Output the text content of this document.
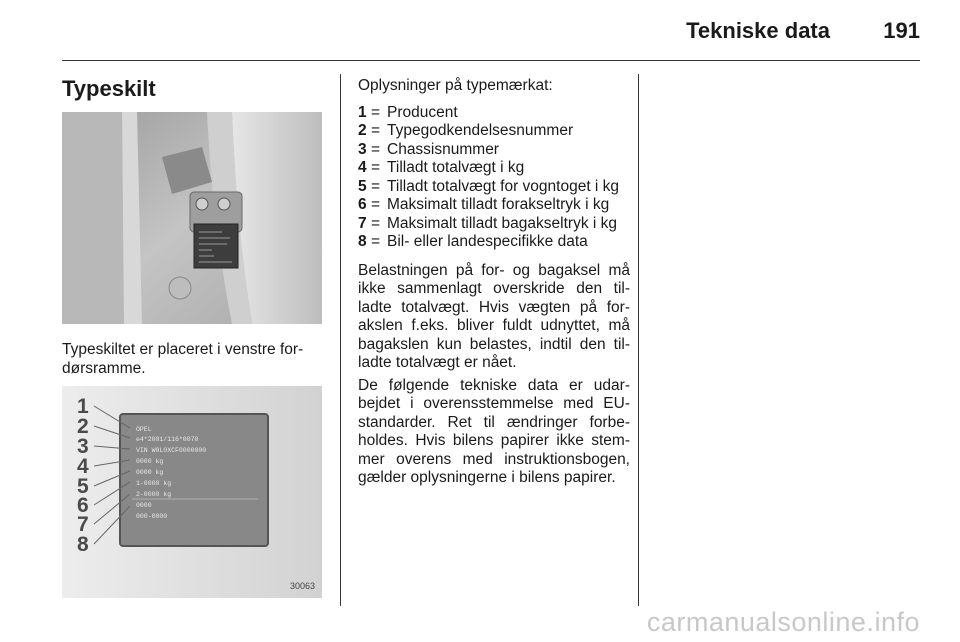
Tekniske data 191
Typeskilt
Typeskiltet er placeret i venstre for-dørsramme.
1
2
3
4
5
6
7
8
OPEL
e4*2001/116*0070
VIN W0L0XCF0000000
0000 kg
0000 kg
1-0000 kg
2-0000 kg
0000
000-0000
30063

Oplysninger på typemærkat:

1 = Producent
2 = Typegodkendelsesnummer
3 = Chassisnummer
4 = Tilladt totalvægt i kg
5 = Tilladt totalvægt for vogntoget i kg
6 = Maksimalt tilladt forakseltryk i kg
7 = Maksimalt tilladt bagakseltryk i kg
8 = Bil- eller landespecifikke data

Belastningen på for- og bagaksel må ikke sammenlagt overskride den til-ladte totalvægt. Hvis vægten på for-akslen f.eks. bliver fuldt udnyttet, må bagakslen kun belastes, indtil den til-ladte totalvægt er nået.

De følgende tekniske data er udar-bejdet i overensstemmelse med EU-standarder. Ret til ændringer forbe-holdes. Hvis bilens papirer ikke stem-mer overens med instruktionsbogen, gælder oplysningerne i bilens papirer.

carmanualsonline.info
